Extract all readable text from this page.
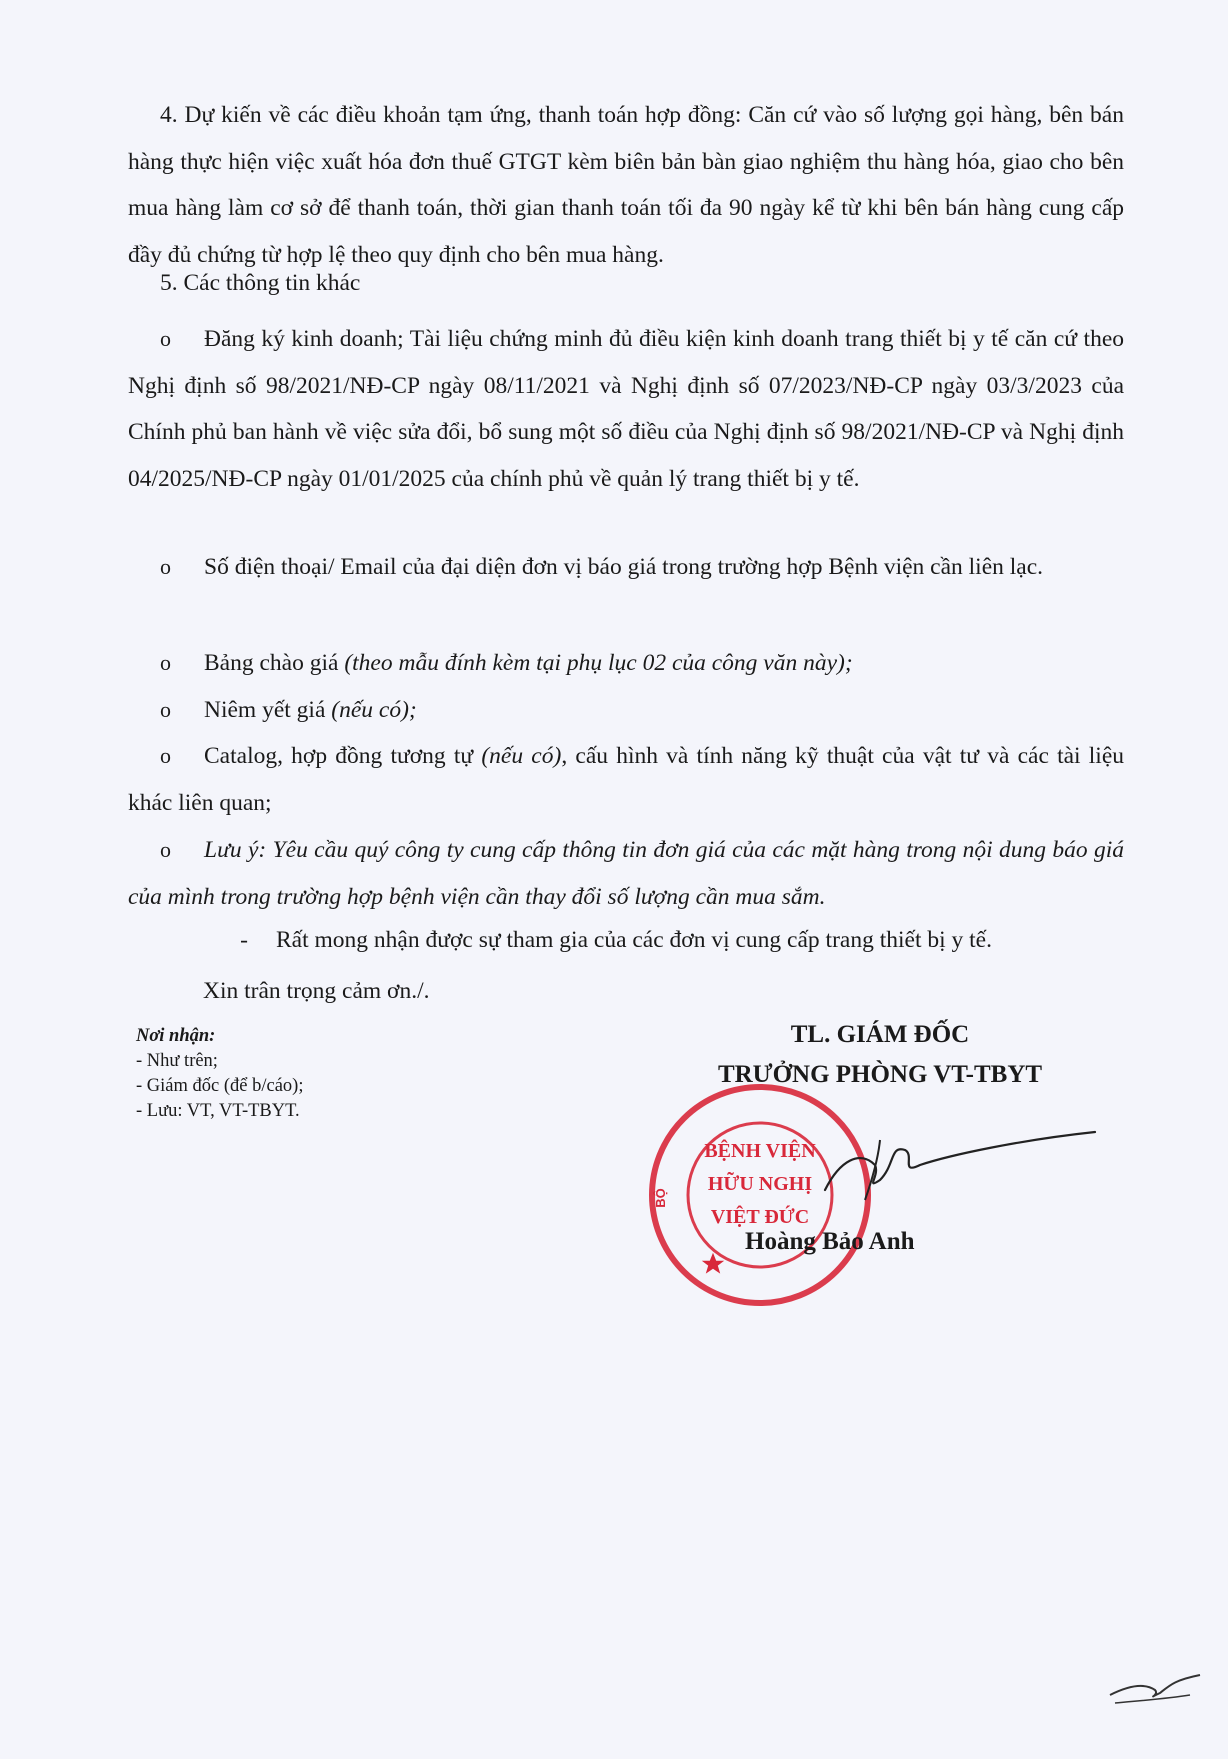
4. Dự kiến về các điều khoản tạm ứng, thanh toán hợp đồng: Căn cứ vào số lượng gọi hàng, bên bán hàng thực hiện việc xuất hóa đơn thuế GTGT kèm biên bản bàn giao nghiệm thu hàng hóa, giao cho bên mua hàng làm cơ sở để thanh toán, thời gian thanh toán tối đa 90 ngày kể từ khi bên bán hàng cung cấp đầy đủ chứng từ hợp lệ theo quy định cho bên mua hàng.

5. Các thông tin khác

o Đăng ký kinh doanh; Tài liệu chứng minh đủ điều kiện kinh doanh trang thiết bị y tế căn cứ theo Nghị định số 98/2021/NĐ-CP ngày 08/11/2021 và Nghị định số 07/2023/NĐ-CP ngày 03/3/2023 của Chính phủ ban hành về việc sửa đổi, bổ sung một số điều của Nghị định số 98/2021/NĐ-CP và Nghị định 04/2025/NĐ-CP ngày 01/01/2025 của chính phủ về quản lý trang thiết bị y tế.

o Số điện thoại/ Email của đại diện đơn vị báo giá trong trường hợp Bệnh viện cần liên lạc.

o Bảng chào giá (theo mẫu đính kèm tại phụ lục 02 của công văn này);

o Niêm yết giá (nếu có);

o Catalog, hợp đồng tương tự (nếu có), cấu hình và tính năng kỹ thuật của vật tư và các tài liệu khác liên quan;

o Lưu ý: Yêu cầu quý công ty cung cấp thông tin đơn giá của các mặt hàng trong nội dung báo giá của mình trong trường hợp bệnh viện cần thay đổi số lượng cần mua sắm.

- Rất mong nhận được sự tham gia của các đơn vị cung cấp trang thiết bị y tế.

Xin trân trọng cảm ơn./.

Nơi nhận:
- Như trên;
- Giám đốc (để b/cáo);
- Lưu: VT, VT-TBYT.
TL. GIÁM ĐỐC
TRƯỞNG PHÒNG VT-TBYT
BỆNH VIỆN
HỮU NGHỊ
VIỆT ĐỨC
BỘ
Hoàng Bảo Anh
